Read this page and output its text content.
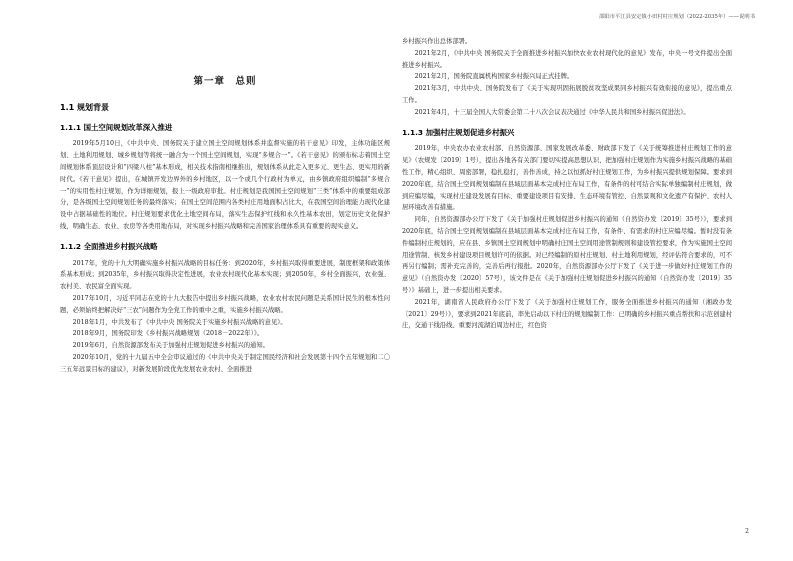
邵阳市平江县安定镇小田村村庄规划（2022-2035年）——说明书
第一章　总则
1.1 规划背景
1.1.1 国土空间规划改革深入推进

2019年5月10日，《中共中央、国务院关于建立国土空间规划体系并监督实施的若干意见》印发，主体功能区规划、土地利用规划、城乡规划等将统一融合为一个国土空间规划，实现“多规合一”。《若干意见》的颁布标志着国土空间规划体系顶层设计和“四梁八柱”基本形成，相关技术指南相继推出，规划体系从此走入更多元、更生态、更实用的新时代。《若干意见》提出，在城镇开发边界外的乡村地区，以一个或几个行政村为单元，由乡镇政府组织编制“多规合一”的实用性村庄规划，作为详细规划，报上一级政府审批。村庄规划是我国国土空间规划“三类”体系中的重要组成部分，是各级国土空间规划任务的最终落实；在国土空间范围内各类村庄用地面积占比大，在我国空间治理能力现代化建设中占据基础性的地位。村庄规划要求优化土地空间布局，落实生态保护红线和永久性基本农田，划定历史文化保护线，明确生态、农业、农房等各类用地布局，对实现乡村振兴战略和完善国家治理体系具有重要的现实意义。

1.1.2 全面推进乡村振兴战略

2017年，党的十九大明确实施乡村振兴战略的目标任务：到2020年，乡村振兴取得重要进展，制度框架和政策体系基本形成；到2035年，乡村振兴取得决定性进展，农业农村现代化基本实现；到2050年，乡村全面振兴，农业强、农村美、农民富全面实现。

2017年10月，习近平同志在党的十九大报告中提出乡村振兴战略，农业农村农民问题是关系国计民生的根本性问题，必须始终把解决好“三农”问题作为全党工作的重中之重，实施乡村振兴战略。

2018年1月，中共发布了《中共中央 国务院关于实施乡村振兴战略的意见》。

2018年9月，国务院印发《乡村振兴战略规划（2018－2022年）》。

2019年6月，自然资源部发布关于加强村庄规划促进乡村振兴的通知。

2020年10月，党的十九届五中全会审议通过的《中共中央关于制定国民经济和社会发展第十四个五年规划和二〇三五年远景目标的建议》，对新发展阶段优先发展农业农村、全面推进

乡村振兴作出总体部署。

2021年2月，《中共中央 国务院关于全面推进乡村振兴加快农业农村现代化的意见》发布，中央一号文件提出全面推进乡村振兴。

2021年2月，国务院直属机构国家乡村振兴局正式挂牌。

2021年3月，中共中央、国务院发布了《关于实现巩固拓展脱贫攻坚成果同乡村振兴有效衔接的意见》，提出重点工作。

2021年4月，十三届全国人大常委会第二十八次会议表决通过《中华人民共和国乡村振兴促进法》。

1.1.3 加强村庄规划促进乡村振兴

2019年，中央农办农业农村部、自然资源部、国家发展改革委、财政部下发了《关于统筹推进村庄规划工作的意见》（农规发〔2019〕1号），提出各地各有关部门要切实提高思想认识，把加强村庄规划作为实施乡村振兴战略的基础性工作，精心组织、周密部署，稳扎稳打，善作善成，持之以恒抓好村庄规划工作，为乡村振兴提供规划保障。要求到2020年底，结合国土空间规划编制在县域层面基本完成村庄布局工作，有条件的村可结合实际单独编制村庄规划，做到应编尽编，实现村庄建设发展有目标、重要建设项目有安排、生态环境有管控、自然景观和文化遗产有保护、农村人居环境改善有措施。

同年，自然资源部办公厅下发了《关于加强村庄规划促进乡村振兴的通知（自然资办发〔2019〕35号）》，要求到2020年底，结合国土空间规划编制在县域层面基本完成村庄布局工作，有条件、有需求的村庄应编尽编。暂时没有条件编制村庄规划的，应在县、乡镇国土空间规划中明确村庄国土空间用途管制规则和建设管控要求，作为实施国土空间用途管制、核发乡村建设项目规划许可的依据。对已经编制的原村庄规划、村土地利用规划，经评估符合要求的，可不再另行编制；需补充完善的，完善后再行报批。2020年，自然资源部办公厅下发了《关于进一步做好村庄规划工作的意见》（自然资办发〔2020〕57号），该文件是在《关于加强村庄规划促进乡村振兴的通知（自然资办发〔2019〕35号）》基础上，进一步提出相关要求。

2021年，湖南省人民政府办公厅下发了《关于加强村庄规划工作，服务全面推进乡村振兴的通知（湘政办发〔2021〕29号）》，要求到2021年底前，率先启动以下村庄的规划编制工作：已明确的乡村振兴重点帮扶和示范创建村庄，交通干线沿线、重要河流湖泊周边村庄，红色资

2
